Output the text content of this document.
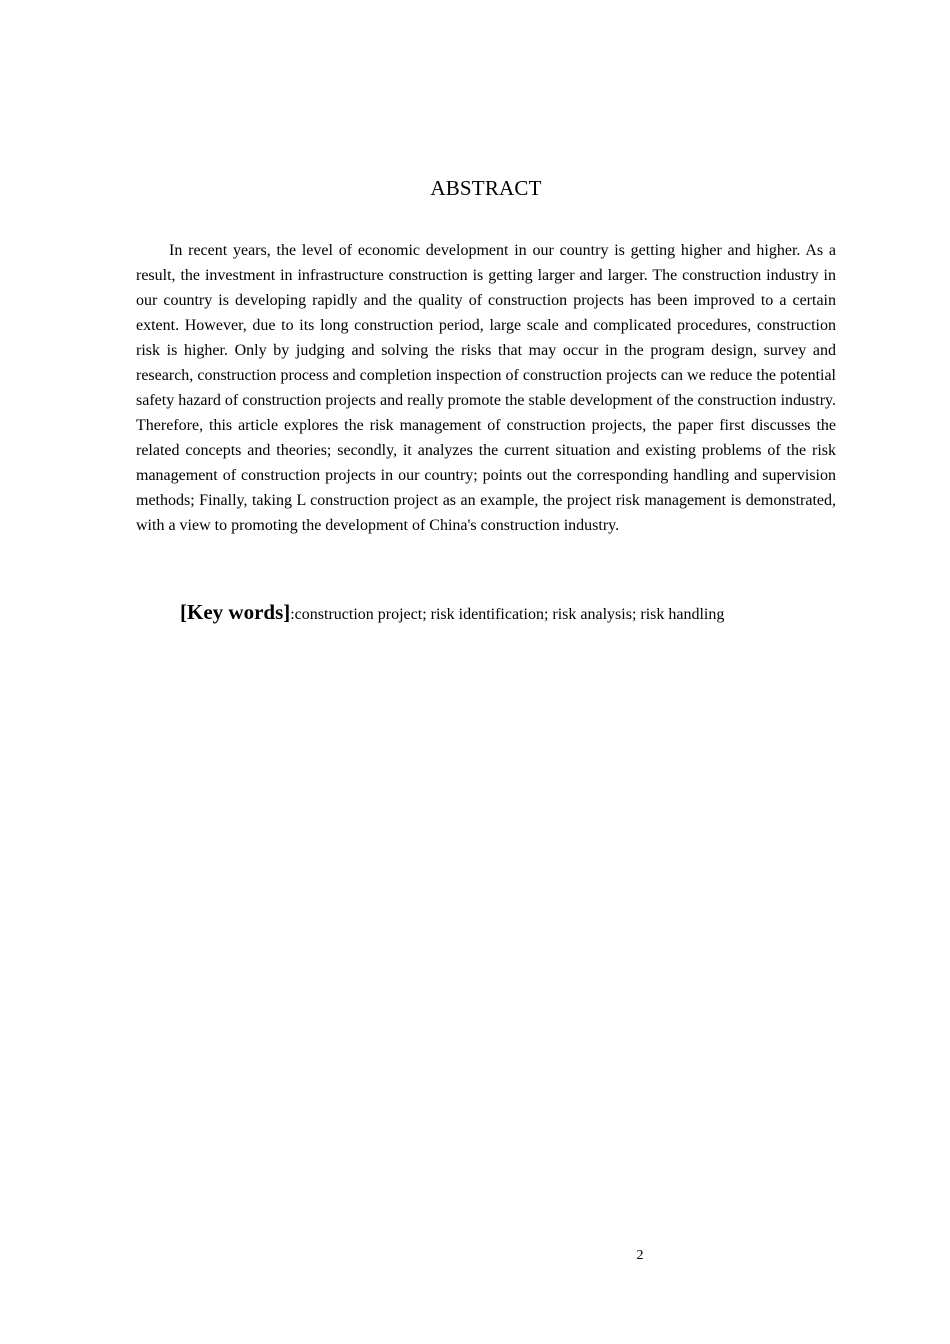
ABSTRACT

In recent years, the level of economic development in our country is getting higher and higher. As a result, the investment in infrastructure construction is getting larger and larger. The construction industry in our country is developing rapidly and the quality of construction projects has been improved to a certain extent. However, due to its long construction period, large scale and complicated procedures, construction risk is higher. Only by judging and solving the risks that may occur in the program design, survey and research, construction process and completion inspection of construction projects can we reduce the potential safety hazard of construction projects and really promote the stable development of the construction industry. Therefore, this article explores the risk management of construction projects, the paper first discusses the related concepts and theories; secondly, it analyzes the current situation and existing problems of the risk management of construction projects in our country; points out the corresponding handling and supervision methods; Finally, taking L construction project as an example, the project risk management is demonstrated, with a view to promoting the development of China's construction industry.

[Key words]:construction project; risk identification; risk analysis; risk handling
2
